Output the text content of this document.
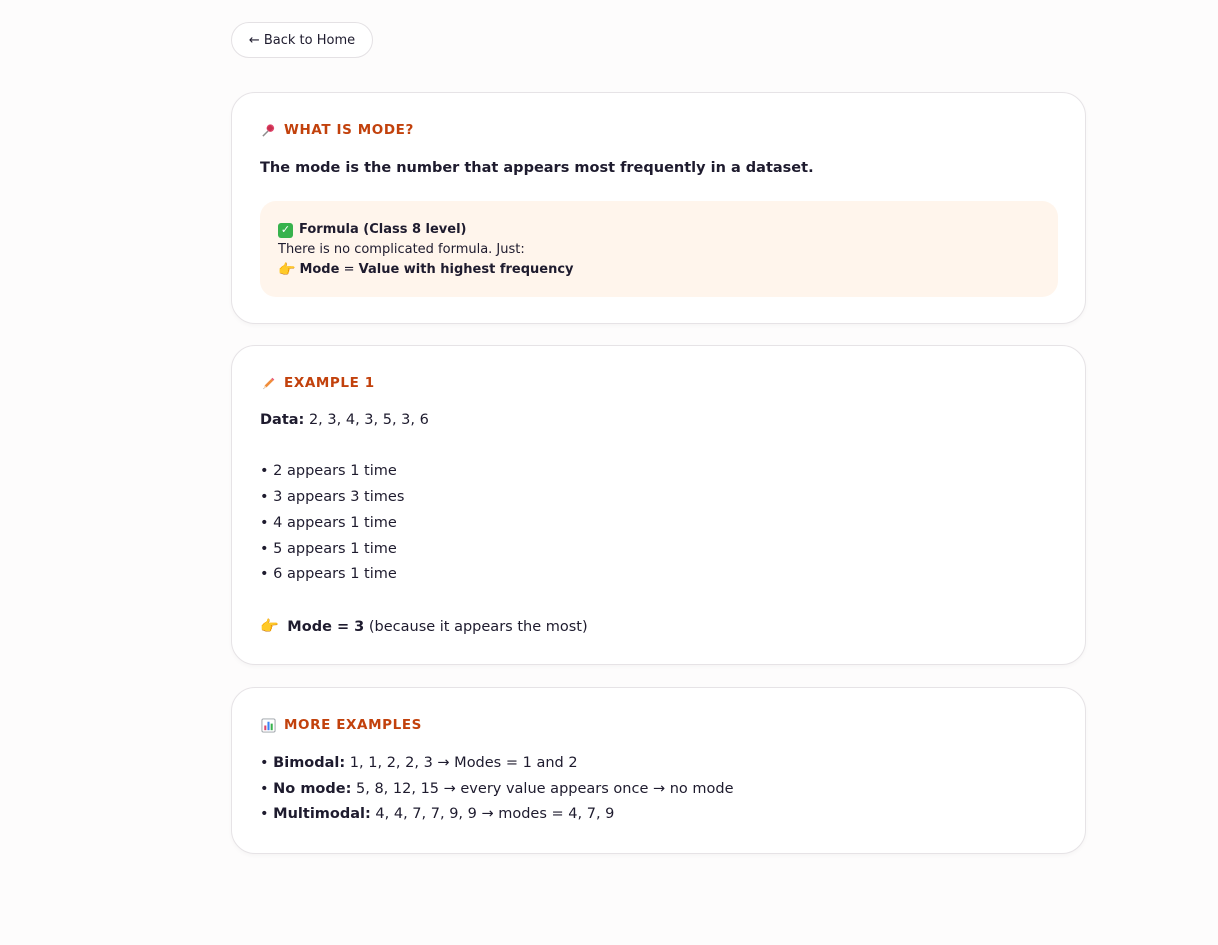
← Back to Home
WHAT IS MODE?
The mode is the number that appears most frequently in a dataset.
✓ Formula (Class 8 level)
There is no complicated formula. Just:
👉 Mode = Value with highest frequency
EXAMPLE 1
Data: 2, 3, 4, 3, 5, 3, 6
• 2 appears 1 time
• 3 appears 3 times
• 4 appears 1 time
• 5 appears 1 time
• 6 appears 1 time
👉 Mode = 3 (because it appears the most)
MORE EXAMPLES
• Bimodal: 1, 1, 2, 2, 3 → Modes = 1 and 2
• No mode: 5, 8, 12, 15 → every value appears once → no mode
• Multimodal: 4, 4, 7, 7, 9, 9 → modes = 4, 7, 9
